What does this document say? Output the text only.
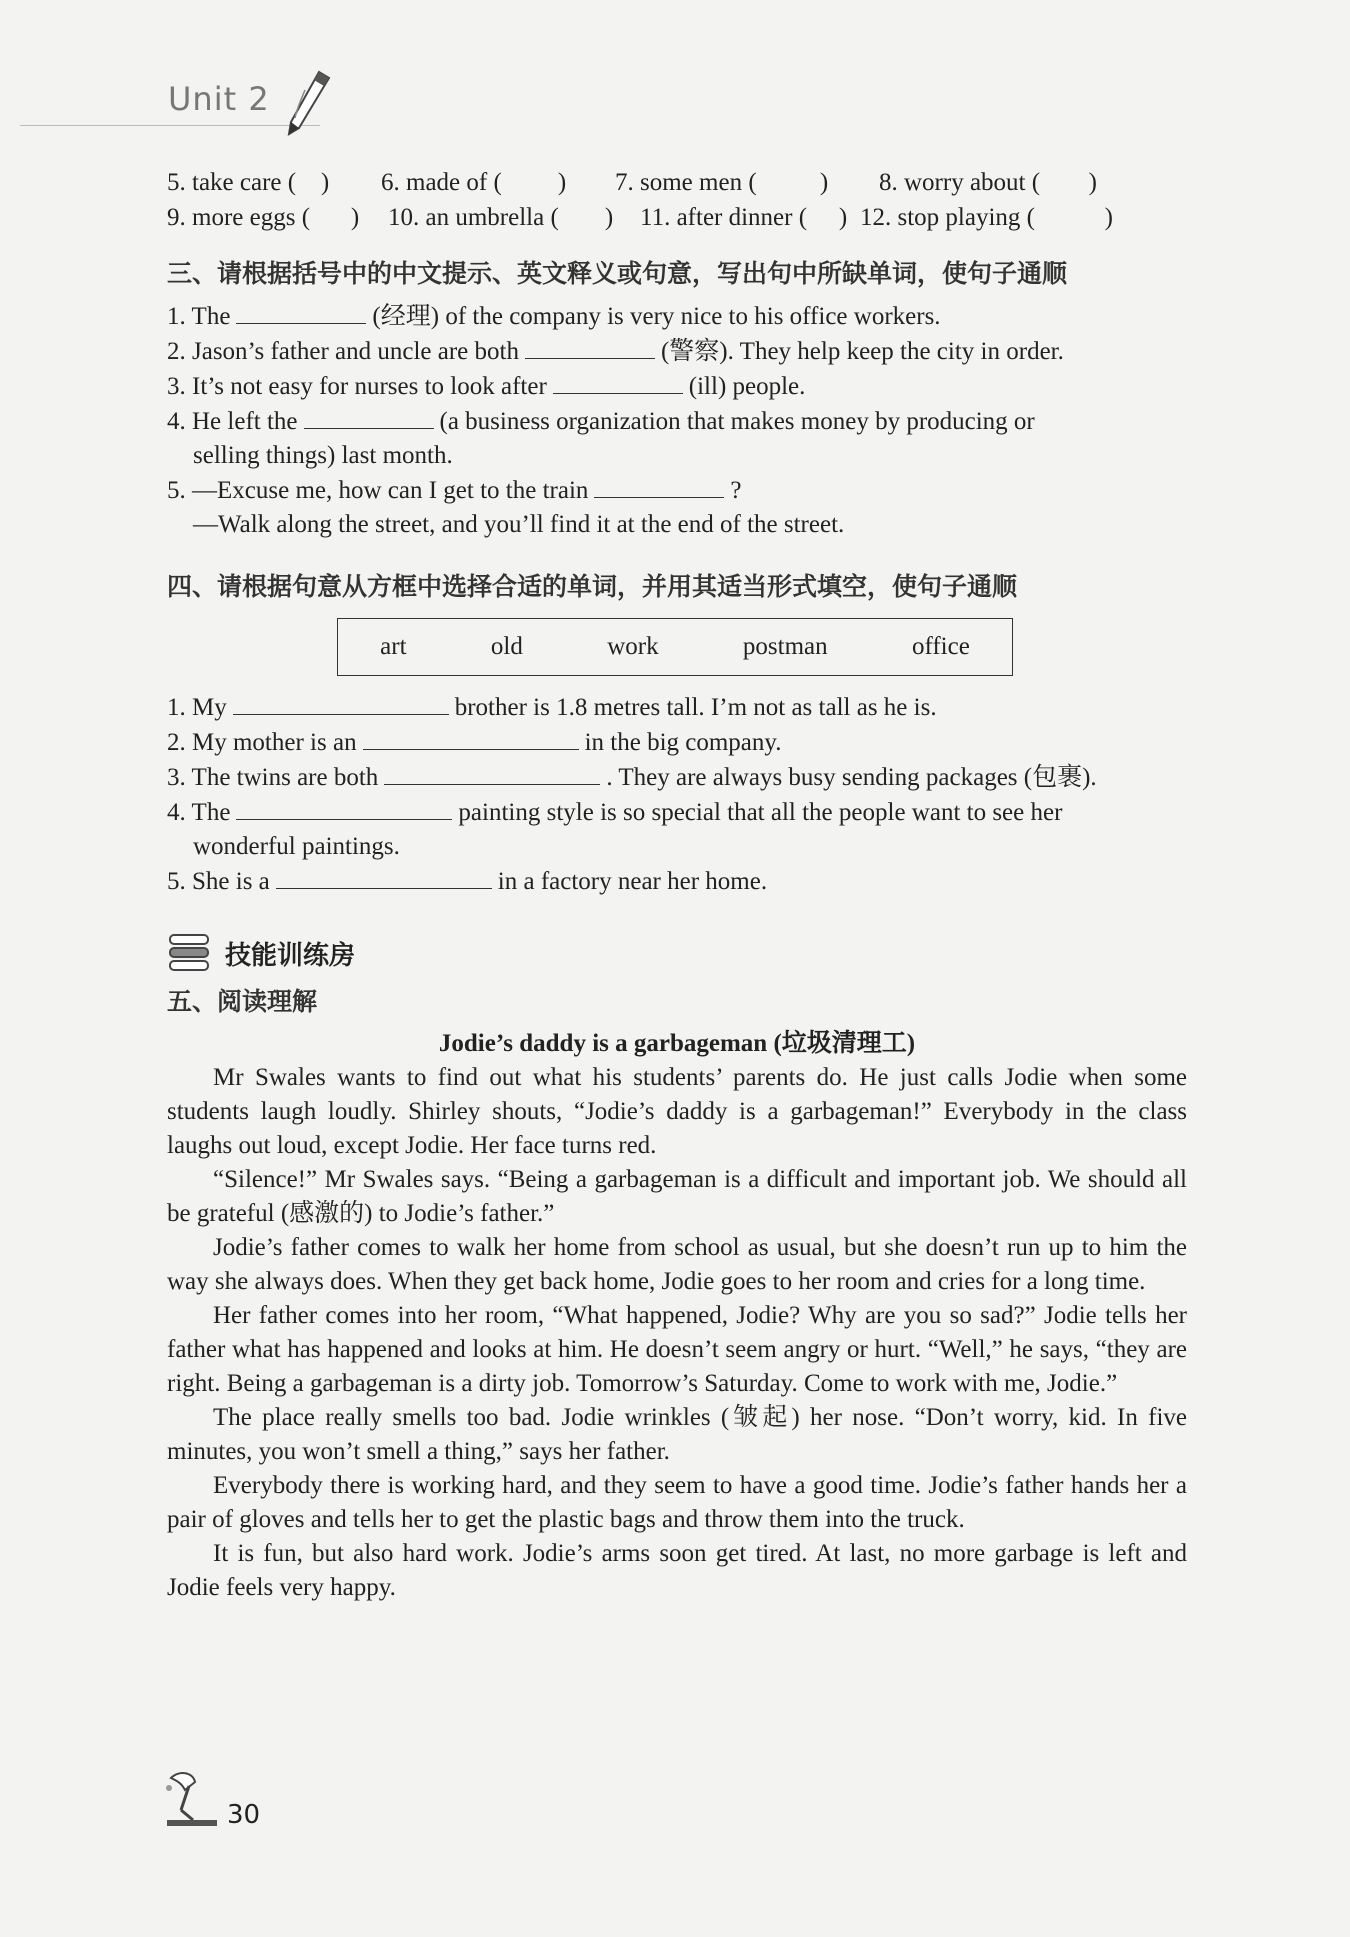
Unit 2
5. take care ( )	6. made of (	)	7. some men (	)	8. worry about (	)
9. more eggs (	)	10. an umbrella (	)	11. after dinner (	) 12. stop playing (	)
三、请根据括号中的中文提示、英文释义或句意，写出句中所缺单词，使句子通顺
1. The	(经理) of the company is very nice to his office workers.
2. Jason’s father and uncle are both	(警察). They help keep the city in order.
3. It’s not easy for nurses to look after	(ill) people.
4. He left the	(a business organization that makes money by producing or
selling things) last month.
5. —Excuse me, how can I get to the train	?
—Walk along the street, and you’ll find it at the end of the street.
四、请根据句意从方框中选择合适的单词，并用其适当形式填空，使句子通顺
art	old	work	postman	office
1. My	brother is 1.8 metres tall. I’m not as tall as he is.
2. My mother is an	in the big company.
3. The twins are both	. They are always busy sending packages (包裹).
4. The	painting style is so special that all the people want to see her
wonderful paintings.
5. She is a	in a factory near her home.
技能训练房
五、阅读理解
Jodie’s daddy is a garbageman (垃圾清理工)

Mr Swales wants to find out what his students’ parents do. He just calls Jodie when some students laugh loudly. Shirley shouts, “Jodie’s daddy is a garbageman!” Everybody in the class laughs out loud, except Jodie. Her face turns red.

“Silence!” Mr Swales says. “Being a garbageman is a difficult and important job. We should all be grateful (感激的) to Jodie’s father.”

Jodie’s father comes to walk her home from school as usual, but she doesn’t run up to him the way she always does. When they get back home, Jodie goes to her room and cries for a long time.

Her father comes into her room, “What happened, Jodie? Why are you so sad?” Jodie tells her father what has happened and looks at him. He doesn’t seem angry or hurt. “Well,” he says, “they are right. Being a garbageman is a dirty job. Tomorrow’s Saturday. Come to work with me, Jodie.”

The place really smells too bad. Jodie wrinkles (皱起) her nose. “Don’t worry, kid. In five minutes, you won’t smell a thing,” says her father.

Everybody there is working hard, and they seem to have a good time. Jodie’s father hands her a pair of gloves and tells her to get the plastic bags and throw them into the truck.

It is fun, but also hard work. Jodie’s arms soon get tired. At last, no more garbage is left and Jodie feels very happy.

30
